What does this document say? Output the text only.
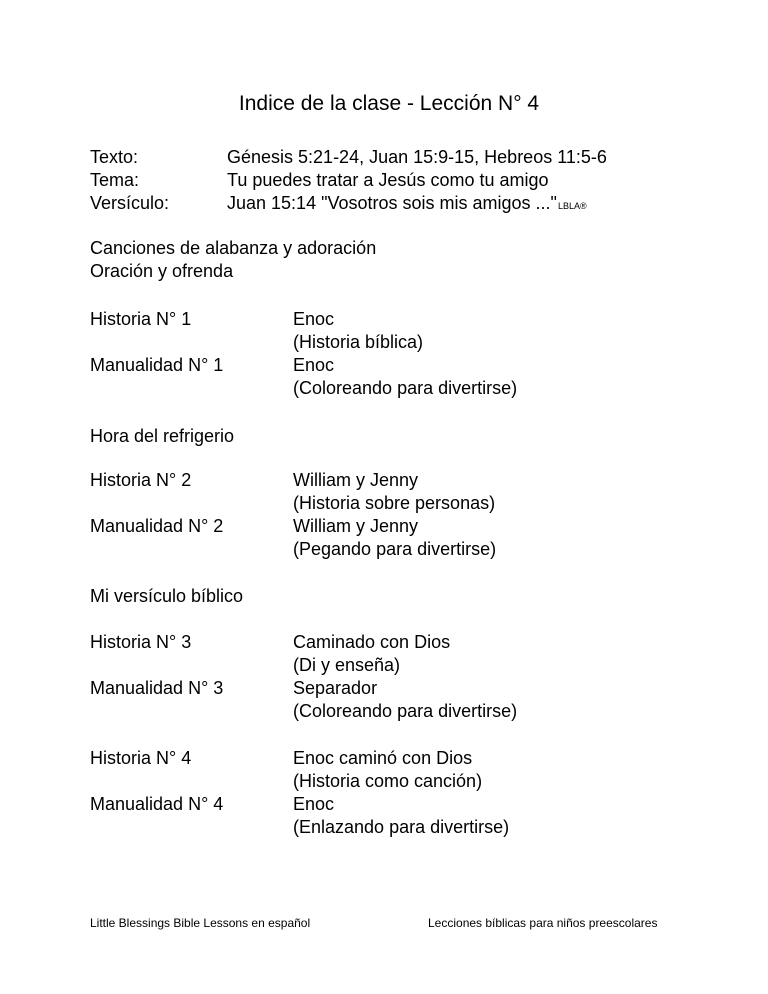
Indice de la clase - Lección N° 4
Texto:	Génesis 5:21-24, Juan 15:9-15, Hebreos 11:5-6
Tema:	Tu puedes tratar a Jesús como tu amigo
Versículo:	Juan 15:14 "Vosotros sois mis amigos ..."LBLA®
Canciones de alabanza y adoración
Oración y ofrenda
Historia N° 1	Enoc
(Historia bíblica)
Manualidad N° 1	Enoc
(Coloreando para divertirse)
Hora del refrigerio
Historia N° 2	William y Jenny
(Historia sobre personas)
Manualidad N° 2	William y Jenny
(Pegando para divertirse)
Mi versículo bíblico
Historia N° 3	Caminado con Dios
(Di y enseña)
Manualidad N° 3	Separador
(Coloreando para divertirse)
Historia N° 4	Enoc caminó con Dios
(Historia como canción)
Manualidad N° 4	Enoc
(Enlazando para divertirse)
Little Blessings Bible Lessons en español	Lecciones bíblicas para niños preescolares
